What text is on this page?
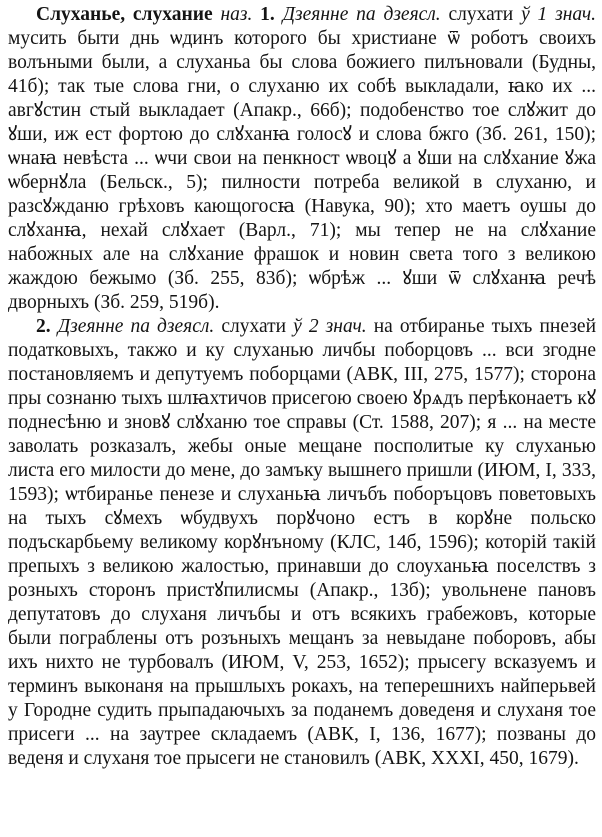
Слуханье, слухание наз. 1. Дзеянне па дзеясл. слухати ў 1 знач. мусить быти днь ѡдинъ которого бы христиане ѿ роботъ своихъ волъными были, а слуханьа бы слова божиего пилъновали (Будны, 41б); так тые слова гни, о слуханю их собѣ выкладали, ꙗко их ... авгꙋстин стый выкладает (Апакр., 66б); подобенство тое слꙋжит до ꙋши, иж ест фортою до слꙋханꙗ голосꙋ и слова бжго (Зб. 261, 150); ѡнаꙗ невѣста ... ѡчи свои на пенкност ѡвоцꙋ а ꙋши на слꙋхание ꙋжа ѡбернꙋла (Бельск., 5); пилности потреба великой в слуханю, и разсꙋжданю грѣховъ кающогосꙗ (Навука, 90); хто маетъ оушы до слꙋханꙗ, нехай слꙋхает (Варл., 71); мы тепер не на слꙋхание набожных але на слꙋхание фрашок и новин света того з великою жаждою бежымо (Зб. 255, 83б); ѡбрѣж ... ꙋши ѿ слꙋханꙗ речѣ дворныхъ (Зб. 259, 519б).

2. Дзеянне па дзеясл. слухати ў 2 знач. на отбиранье тыхъ пнезей податковыхъ, такжо и ку слуханью личбы поборцовъ ... вси згодне постановляемъ и депутуемъ поборцами (АВК, III, 275, 1577); сторона пры сознаню тыхъ шлꙗхтичов присегою своею ꙋрѧдъ перѣконаетъ кꙋ поднесѣню и зновꙋ слꙋханю тое справы (Ст. 1588, 207); я ... на месте заволать розказалъ, жебы оные мещане посполитые ку слуханью листа его милости до мене, до замъку вышнего пришли (ИЮМ, I, 333, 1593); ѡтбиранье пенезе и слуханьꙗ личъбъ поборъцовъ поветовыхъ на тыхъ сꙋмехъ ѡбудвухъ порꙋчоно естъ в корꙋне польско подъскарбьему великому корꙋнъному (КЛС, 14б, 1596); которій такій препыхъ з великою жалостью, принавши до слоуханьꙗ поселствъ з розныхъ сторонъ пристꙋпилисмы (Апакр., 13б); увольнене пановъ депутатовъ до слуханя личъбы и отъ всякихъ грабежовъ, которые были пограблены отъ розъныхъ мещанъ за невыдане поборовъ, абы ихъ нихто не турбовалъ (ИЮМ, V, 253, 1652); прысегу всказуемъ и терминъ выконаня на прышлыхъ рокахъ, на теперешнихъ найперьвей у Городне судить прыпадаючыхъ за поданемъ доведеня и слуханя тое присеги ... на заутрее складаемъ (АВК, I, 136, 1677); позваны до веденя и слуханя тое прысеги не становилъ (АВК, XXXI, 450, 1679).
